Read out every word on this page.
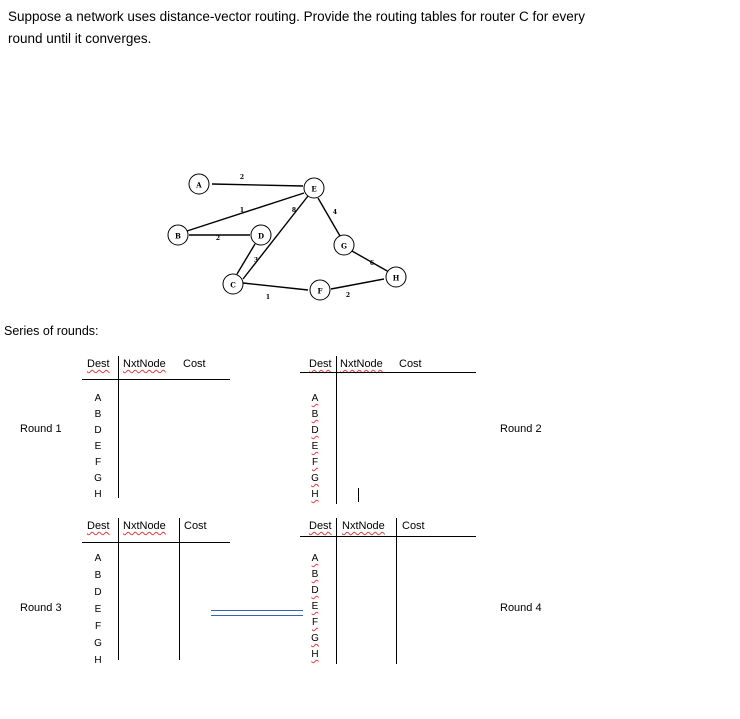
Suppose a network uses distance-vector routing. Provide the routing tables for router C for every
round until it converges.
A
B
C
D
E
F
G
H
2
1
2
3
8
1
4
2
6
Series of rounds:
Dest NxtNode Cost
A
B
D
E
F
G
H
Round 1
Dest NxtNode Cost
A
B
D
E
F
G
H
Round 2
Dest NxtNode Cost
A
B
D
E
F
G
H
Round 3
Dest NxtNode Cost
A
B
D
E
F
G
H
Round 4
